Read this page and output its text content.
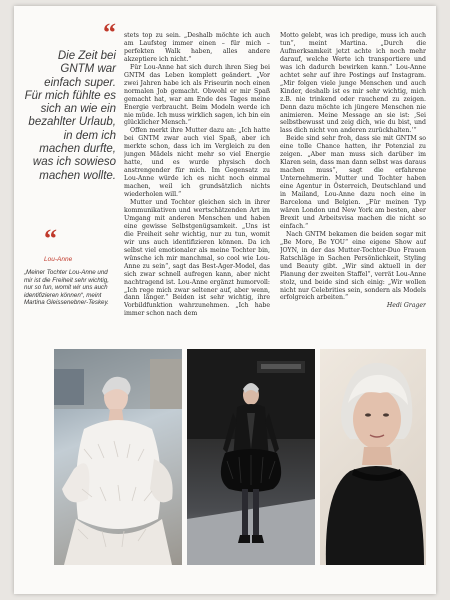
“
Die Zeit bei GNTM war einfach super. Für mich fühlte es sich an wie ein bezahlter Urlaub, in dem ich machen durfte, was ich sowieso machen wollte.
“
Lou-Anne
„Meiner Tochter Lou-Anne und mir ist die Freiheit sehr wichtig, nur so fun, womit wir uns auch identifizieren können“, meint Martina Gleissenebner-Teskey.

stets top zu sein. „Deshalb möchte ich auch am Laufsteg immer einen – für mich – perfekten Walk haben, alles andere akzeptiere ich nicht.“

Für Lou-Anne hat sich durch ihren Sieg bei GNTM das Leben komplett geändert. „Vor zwei Jahren habe ich als Friseurin noch einen normalen Job gemacht. Obwohl er mir Spaß gemacht hat, war am Ende des Tages meine Energie verbraucht. Beim Modeln werde ich nie müde. Ich muss wirklich sagen, ich bin ein glücklicher Mensch.“

Offen merkt ihre Mutter dazu an: „Ich hatte bei GNTM zwar auch viel Spaß, aber ich merkte schon, dass ich im Vergleich zu den jungen Mädels nicht mehr so viel Energie hatte, und es wurde physisch doch anstrengender für mich. Im Gegensatz zu Lou-Anne würde ich es nicht noch einmal machen, weil ich grundsätzlich nichts wiederholen will.“

Mutter und Tochter gleichen sich in ihrer kommunikativen und wertschätzenden Art im Umgang mit anderen Menschen und haben eine gewisse Selbstgenügsamkeit. „Uns ist die Freiheit sehr wichtig, nur zu tun, womit wir uns auch identifizieren können. Da ich selbst viel emotionaler als meine Tochter bin, wünsche ich mir manchmal, so cool wie Lou-Anne zu sein“, sagt das Best-Ager-Model, das sich zwar schnell aufregen kann, aber nicht nachtragend ist. Lou-Anne ergänzt humorvoll: „Ich rege mich zwar seltener auf, aber wenn, dann länger.“ Beiden ist sehr wichtig, ihre Vorbildfunktion wahrzunehmen. „Ich habe immer schon nach dem

Motto gelebt, was ich predige, muss ich auch tun“, meint Martina. „Durch die Aufmerksamkeit jetzt achte ich noch mehr darauf, welche Werte ich transportiere und was ich dadurch bewirken kann.“ Lou-Anne achtet sehr auf ihre Postings auf Instagram. „Mir folgen viele junge Menschen und auch Kinder, deshalb ist es mir sehr wichtig, mich z.B. nie trinkend oder rauchend zu zeigen. Denn dazu möchte ich jüngere Menschen nie animieren. Meine Message an sie ist: ‚Sei selbstbewusst und zeig dich, wie du bist, und lass dich nicht von anderen zurückhalten.‘“

Beide sind sehr froh, dass sie mit GNTM so eine tolle Chance hatten, ihr Potenzial zu zeigen. „Aber man muss sich darüber im Klaren sein, dass man dann selbst was daraus machen muss“, sagt die erfahrene Unternehmerin. Mutter und Tochter haben eine Agentur in Österreich, Deutschland und in Mailand, Lou-Anne dazu noch eine in Barcelona und Belgien. „Für meinen Typ wären London und New York am besten, aber Brexit und Arbeitsvisa machen die nicht so einfach.“

Nach GNTM bekamen die beiden sogar mit „Be More, Be YOU“ eine eigene Show auf JOYN, in der das Mutter-Tochter-Duo Frauen Ratschläge in Sachen Persönlichkeit, Styling und Beauty gibt. „Wir sind aktuell in der Planung der zweiten Staffel“, verrät Lou-Anne stolz, und beide sind sich einig: „Wir wollen nicht nur Celebrities sein, sondern als Models erfolgreich arbeiten.“

Hedi Grager
